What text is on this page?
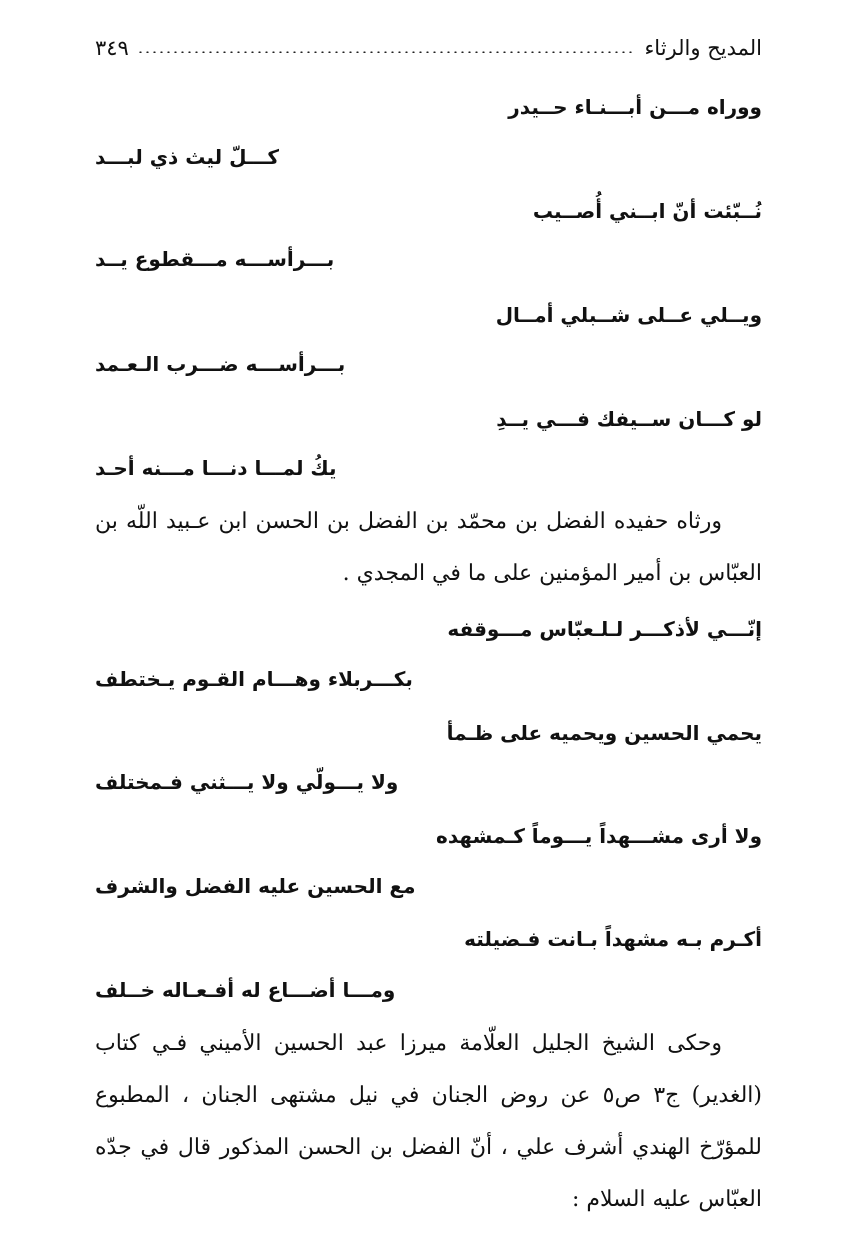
المديح والرثاء
٣٤٩
ووراه مـــن أبـــنـاء حــيدر
كـــلّ ليث ذي لبـــد
نُــبّئت أنّ ابــني أُصــيب
بـــرأســـه مـــقطوع يــد
ويــلي عــلى شــبلي أمــال
بـــرأســـه ضـــرب الـعـمد
لو كـــان ســيفك فـــي يــدِ
يكُ لمـــا دنـــا مـــنه أحـد

ورثاه حفيده الفضل بن محمّد بن الفضل بن الحسن ابن عـبيد اللّه بن العبّاس بن أمير المؤمنين على ما في المجدي .

إنّـــي لأذكـــر لـلـعبّاس مـــوقفه
بكـــربلاء وهـــام القـوم يـختطف
يحمي الحسين ويحميه على ظـمأ
ولا يـــولّي ولا يـــثني فـمختلف
ولا أرى مشـــهداً يـــوماً كـمشهده
مع الحسين عليه الفضل والشرف
أكـرم بـه مشهداً بـانت فـضيلته
ومـــا أضـــاع له أفـعـاله خــلف

وحكى الشيخ الجليل العلّامة ميرزا عبد الحسين الأميني فـي كتاب (الغدير) ج٣ ص٥ عن روض الجنان في نيل مشتهى الجنان ، المطبوع للمؤرّخ الهندي أشرف علي ، أنّ الفضل بن الحسن المذكور قال في جدّه العبّاس عليه السلام :
